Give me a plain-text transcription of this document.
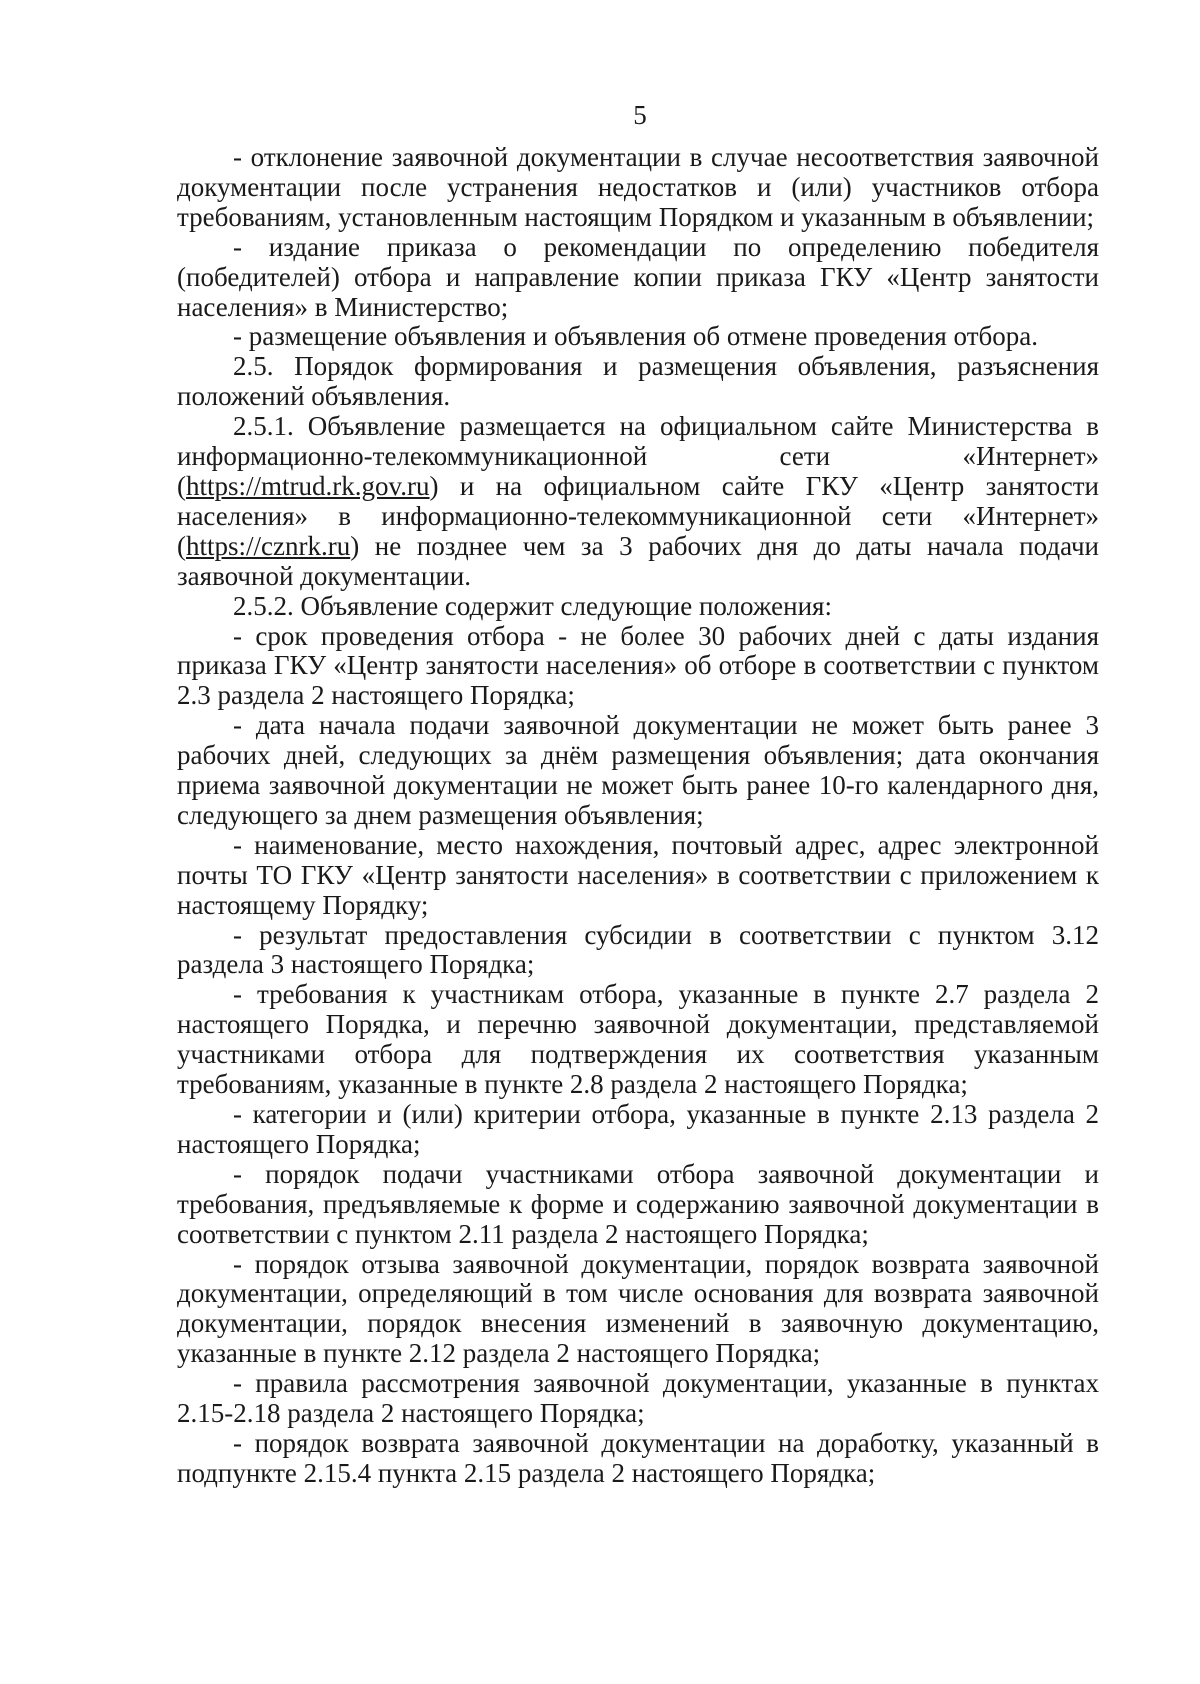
5

- отклонение заявочной документации в случае несоответствия заявочной документации после устранения недостатков и (или) участников отбора требованиям, установленным настоящим Порядком и указанным в объявлении;

- издание приказа о рекомендации по определению победителя (победителей) отбора и направление копии приказа ГКУ «Центр занятости населения» в Министерство;

- размещение объявления и объявления об отмене проведения отбора.

2.5. Порядок формирования и размещения объявления, разъяснения положений объявления.

2.5.1. Объявление размещается на официальном сайте Министерства в информационно-телекоммуникационной сети «Интернет» (https://mtrud.rk.gov.ru) и на официальном сайте ГКУ «Центр занятости населения» в информационно-телекоммуникационной сети «Интернет» (https://cznrk.ru) не позднее чем за 3 рабочих дня до даты начала подачи заявочной документации.

2.5.2. Объявление содержит следующие положения:

- срок проведения отбора - не более 30 рабочих дней с даты издания приказа ГКУ «Центр занятости населения» об отборе в соответствии с пунктом 2.3 раздела 2 настоящего Порядка;

- дата начала подачи заявочной документации не может быть ранее 3 рабочих дней, следующих за днём размещения объявления; дата окончания приема заявочной документации не может быть ранее 10-го календарного дня, следующего за днем размещения объявления;

- наименование, место нахождения, почтовый адрес, адрес электронной почты ТО ГКУ «Центр занятости населения» в соответствии с приложением к настоящему Порядку;

- результат предоставления субсидии в соответствии с пунктом 3.12 раздела 3 настоящего Порядка;

- требования к участникам отбора, указанные в пункте 2.7 раздела 2 настоящего Порядка, и перечню заявочной документации, представляемой участниками отбора для подтверждения их соответствия указанным требованиям, указанные в пункте 2.8 раздела 2 настоящего Порядка;

- категории и (или) критерии отбора, указанные в пункте 2.13 раздела 2 настоящего Порядка;

- порядок подачи участниками отбора заявочной документации и требования, предъявляемые к форме и содержанию заявочной документации в соответствии с пунктом 2.11 раздела 2 настоящего Порядка;

- порядок отзыва заявочной документации, порядок возврата заявочной документации, определяющий в том числе основания для возврата заявочной документации, порядок внесения изменений в заявочную документацию, указанные в пункте 2.12 раздела 2 настоящего Порядка;

- правила рассмотрения заявочной документации, указанные в пунктах 2.15-2.18 раздела 2 настоящего Порядка;

- порядок возврата заявочной документации на доработку, указанный в подпункте 2.15.4 пункта 2.15 раздела 2 настоящего Порядка;
